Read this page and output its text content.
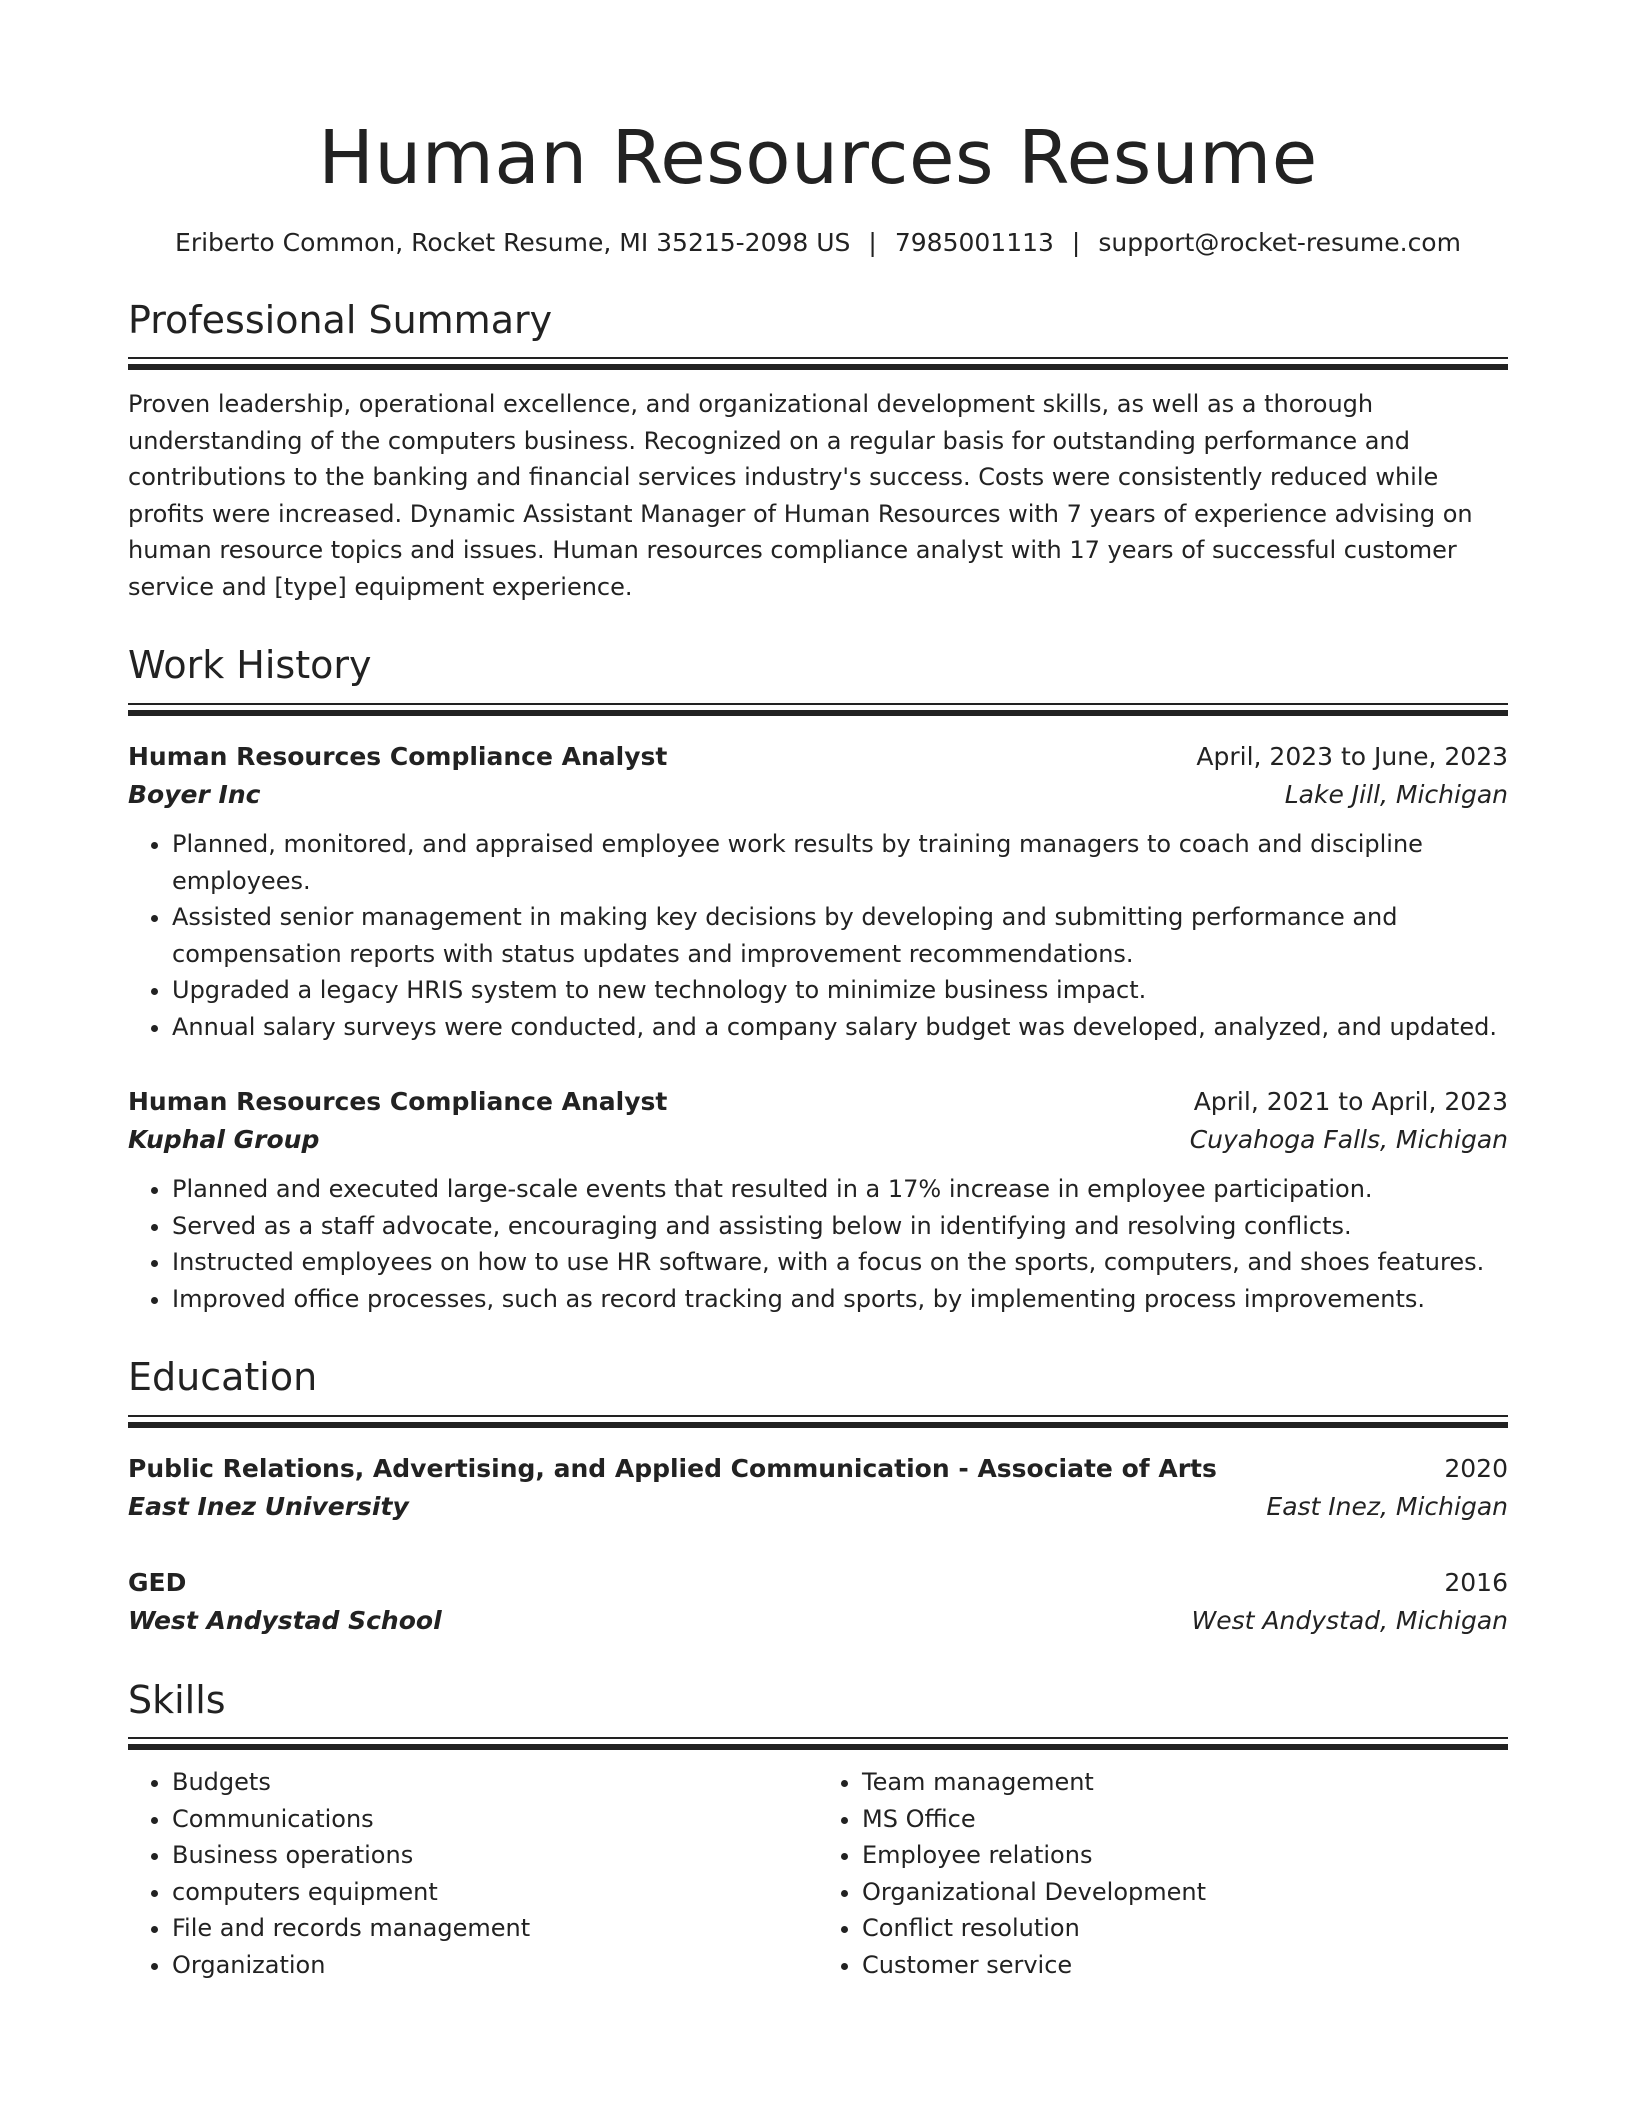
Human Resources Resume
Eriberto Common, Rocket Resume, MI 35215-2098 US | 7985001113 | support@rocket-resume.com
Professional Summary
Proven leadership, operational excellence, and organizational development skills, as well as a thorough understanding of the computers business. Recognized on a regular basis for outstanding performance and contributions to the banking and financial services industry's success. Costs were consistently reduced while profits were increased. Dynamic Assistant Manager of Human Resources with 7 years of experience advising on human resource topics and issues. Human resources compliance analyst with 17 years of successful customer service and [type] equipment experience.
Work History
Human Resources Compliance Analyst	April, 2023 to June, 2023
Boyer Inc	Lake Jill, Michigan
• Planned, monitored, and appraised employee work results by training managers to coach and discipline employees.
• Assisted senior management in making key decisions by developing and submitting performance and compensation reports with status updates and improvement recommendations.
• Upgraded a legacy HRIS system to new technology to minimize business impact.
• Annual salary surveys were conducted, and a company salary budget was developed, analyzed, and updated.
Human Resources Compliance Analyst	April, 2021 to April, 2023
Kuphal Group	Cuyahoga Falls, Michigan
• Planned and executed large-scale events that resulted in a 17% increase in employee participation.
• Served as a staff advocate, encouraging and assisting below in identifying and resolving conflicts.
• Instructed employees on how to use HR software, with a focus on the sports, computers, and shoes features.
• Improved office processes, such as record tracking and sports, by implementing process improvements.
Education
Public Relations, Advertising, and Applied Communication - Associate of Arts	2020
East Inez University	East Inez, Michigan
GED	2016
West Andystad School	West Andystad, Michigan
Skills
• Budgets
• Communications
• Business operations
• computers equipment
• File and records management
• Organization
• Team management
• MS Office
• Employee relations
• Organizational Development
• Conflict resolution
• Customer service
